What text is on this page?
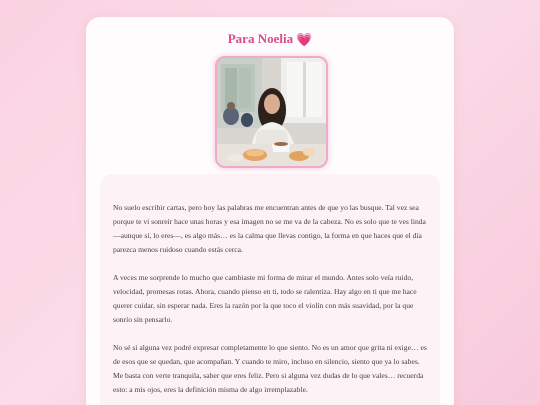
Para Noelia 💗

No suelo escribir cartas, pero hoy las palabras me encuentran antes de que yo las busque. Tal vez sea porque te vi sonreír hace unas horas y esa imagen no se me va de la cabeza. No es solo que te ves linda —aunque sí, lo eres—, es algo más… es la calma que llevas contigo, la forma en que haces que el día parezca menos ruidoso cuando estás cerca.

A veces me sorprende lo mucho que cambiaste mi forma de mirar el mundo. Antes solo veía ruido, velocidad, promesas rotas. Ahora, cuando pienso en ti, todo se ralentiza. Hay algo en ti que me hace querer cuidar, sin esperar nada. Eres la razón por la que toco el violín con más suavidad, por la que sonrío sin pensarlo.

No sé si alguna vez podré expresar completamente lo que siento. No es un amor que grita ni exige… es de esos que se quedan, que acompañan. Y cuando te miro, incluso en silencio, siento que ya lo sabes. Me basta con verte tranquila, saber que eres feliz. Pero si alguna vez dudas de lo que vales… recuerda esto: a mis ojos, eres la definición misma de algo irremplazable.
